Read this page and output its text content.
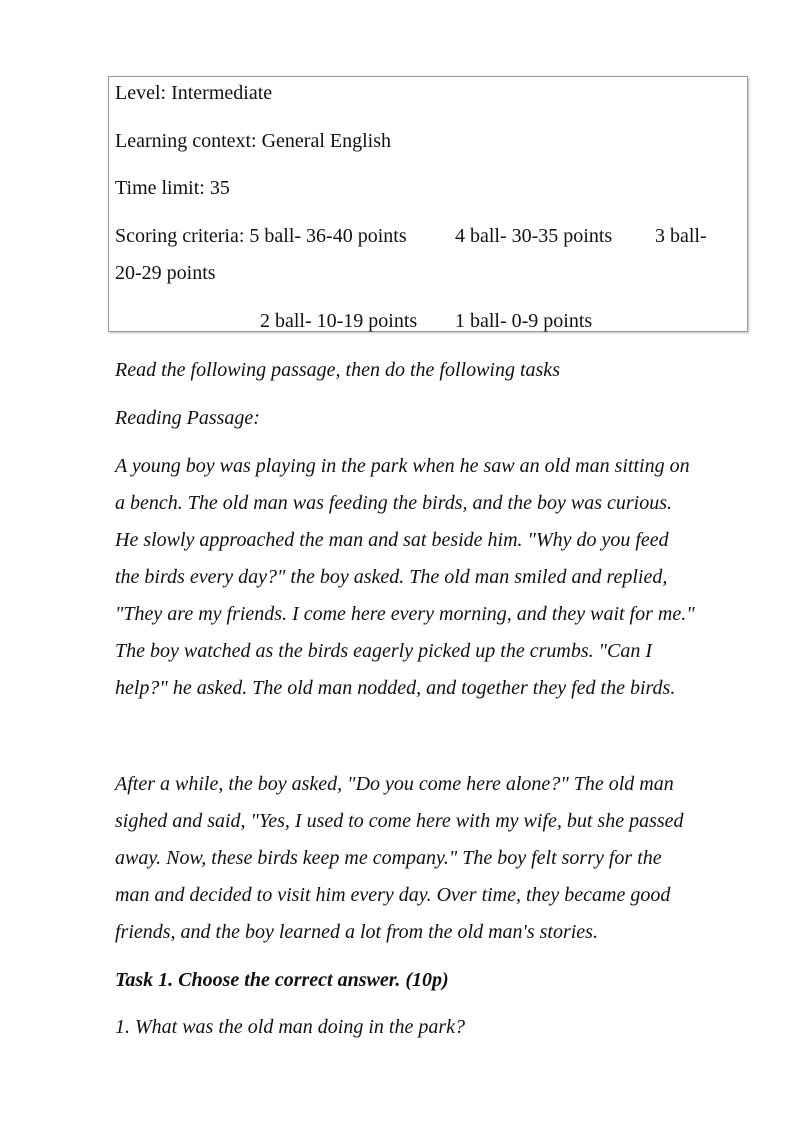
Level: Intermediate
Learning context: General English
Time limit: 35
Scoring criteria: 5 ball- 36-40 points 4 ball- 30-35 points 3 ball-
20-29 points
2 ball- 10-19 points 1 ball- 0-9 points
Read the following passage, then do the following tasks
Reading Passage:
A young boy was playing in the park when he saw an old man sitting on
a bench. The old man was feeding the birds, and the boy was curious.
He slowly approached the man and sat beside him. "Why do you feed
the birds every day?" the boy asked. The old man smiled and replied,
"They are my friends. I come here every morning, and they wait for me."
The boy watched as the birds eagerly picked up the crumbs. "Can I
help?" he asked. The old man nodded, and together they fed the birds.
After a while, the boy asked, "Do you come here alone?" The old man
sighed and said, "Yes, I used to come here with my wife, but she passed
away. Now, these birds keep me company." The boy felt sorry for the
man and decided to visit him every day. Over time, they became good
friends, and the boy learned a lot from the old man's stories.
Task 1. Choose the correct answer. (10p)
1. What was the old man doing in the park?
